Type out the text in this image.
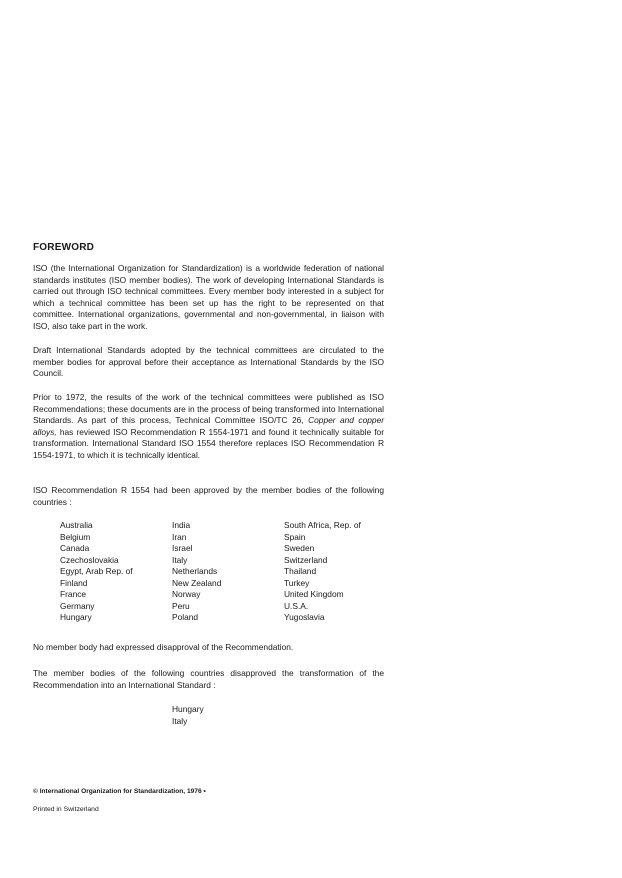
FOREWORD
ISO (the International Organization for Standardization) is a worldwide federation of national standards institutes (ISO member bodies). The work of developing International Standards is carried out through ISO technical committees. Every member body interested in a subject for which a technical committee has been set up has the right to be represented on that committee. International organizations, governmental and non-governmental, in liaison with ISO, also take part in the work.
Draft International Standards adopted by the technical committees are circulated to the member bodies for approval before their acceptance as International Standards by the ISO Council.
Prior to 1972, the results of the work of the technical committees were published as ISO Recommendations; these documents are in the process of being transformed into International Standards. As part of this process, Technical Committee ISO/TC 26, Copper and copper alloys, has reviewed ISO Recommendation R 1554-1971 and found it technically suitable for transformation. International Standard ISO 1554 therefore replaces ISO Recommendation R 1554-1971, to which it is technically identical.
ISO Recommendation R 1554 had been approved by the member bodies of the following countries :
Australia
Belgium
Canada
Czechoslovakia
Egypt, Arab Rep. of
Finland
France
Germany
Hungary
India
Iran
Israel
Italy
Netherlands
New Zealand
Norway
Peru
Poland
South Africa, Rep. of
Spain
Sweden
Switzerland
Thailand
Turkey
United Kingdom
U.S.A.
Yugoslavia
No member body had expressed disapproval of the Recommendation.
The member bodies of the following countries disapproved the transformation of the Recommendation into an International Standard :
Hungary
Italy
© International Organization for Standardization, 1976 •
Printed in Switzerland
